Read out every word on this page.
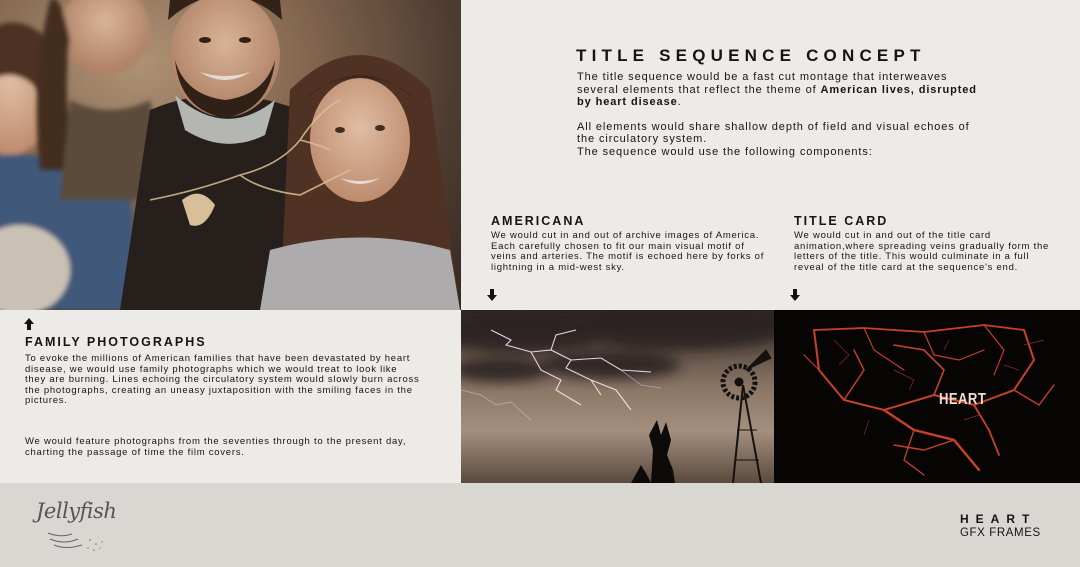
TITLE SEQUENCE CONCEPT

The title sequence would be a fast cut montage that interweaves several elements that reflect the theme of American lives, disrupted by heart disease.

All elements would share shallow depth of field and visual echoes of the circulatory system.
The sequence would use the following components:

AMERICANA
We would cut in and out of archive images of America. Each carefully chosen to fit our main visual motif of veins and arteries. The motif is echoed here by forks of lightning in a mid-west sky.
TITLE CARD
We would cut in and out of the title card animation,where spreading veins gradually form the letters of the title. This would culminate in a full reveal of the title card at the sequence's end.
FAMILY PHOTOGRAPHS
To evoke the millions of American families that have been devastated by heart disease, we would use family photographs which we would treat to look like they are burning. Lines echoing the circulatory system would slowly burn across the photographs, creating an uneasy juxtaposition with the smiling faces in the pictures.
We would feature photographs from the seventies through to the present day, charting the passage of time the film covers.
HEART
Jellyfish	HEART
GFX FRAMES
